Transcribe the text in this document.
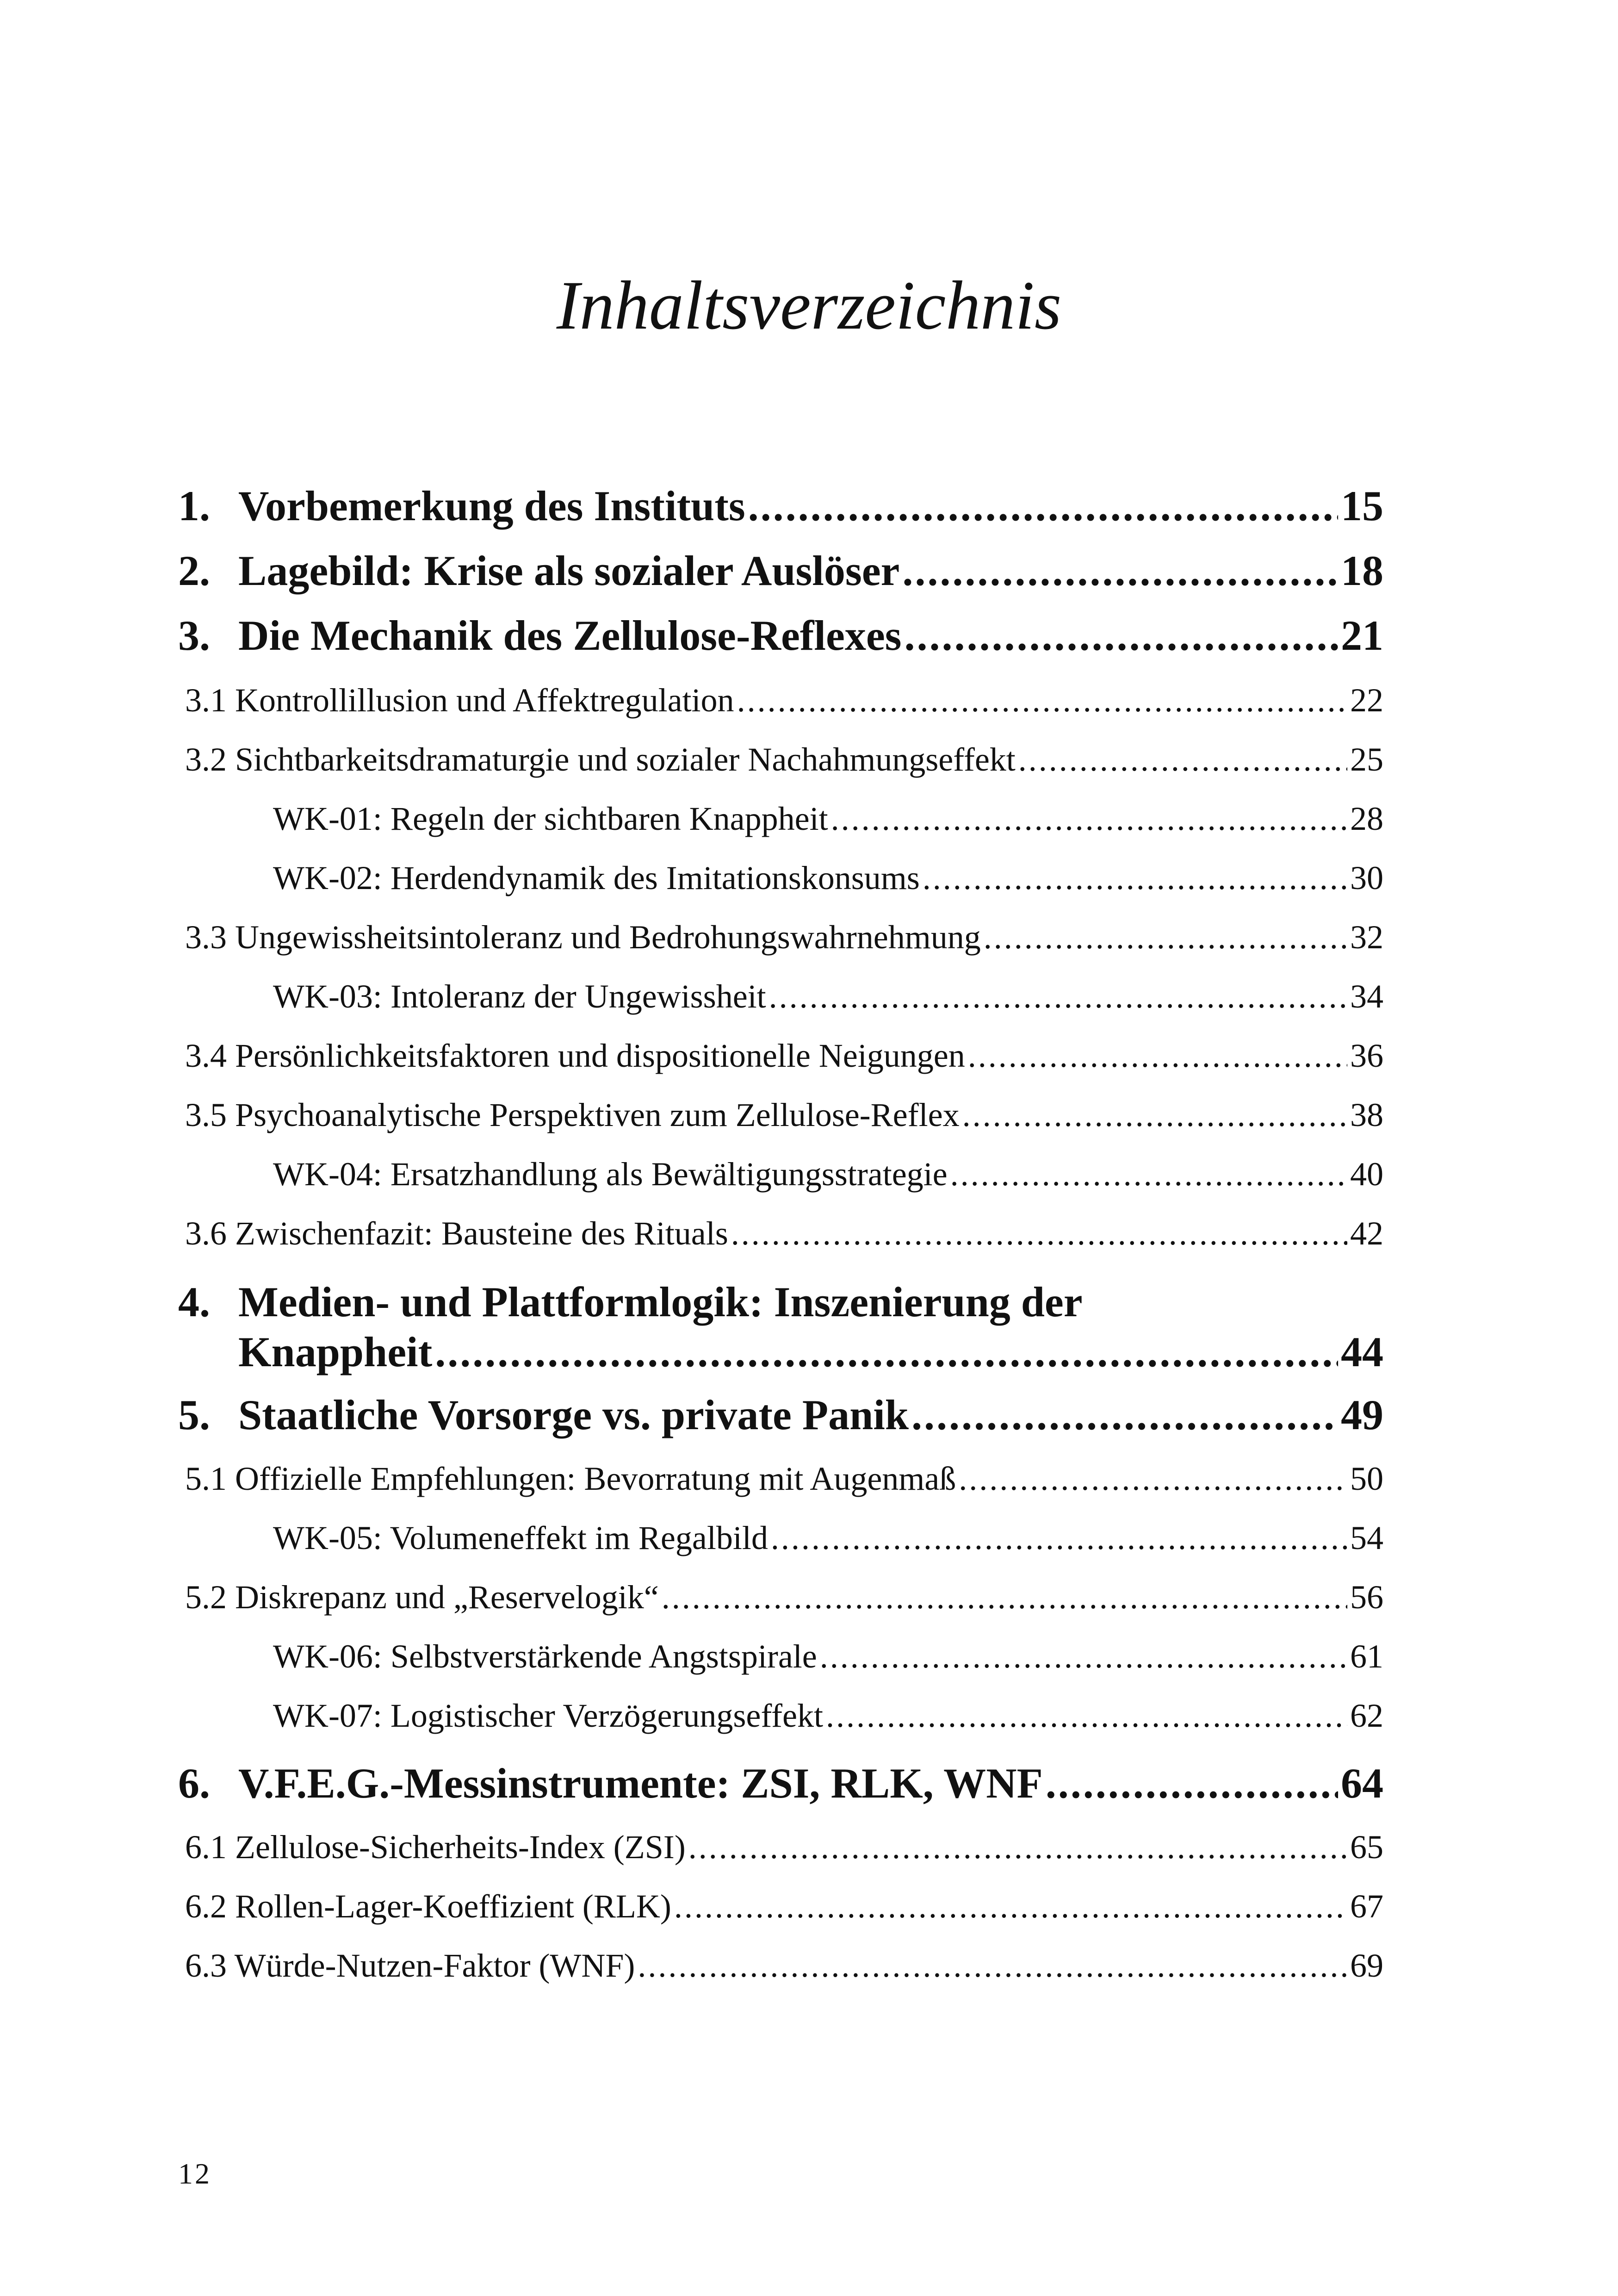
Inhaltsverzeichnis
1. Vorbemerkung des Instituts .....	15
2. Lagebild: Krise als sozialer Auslöser .....	18
3. Die Mechanik des Zellulose-Reflexes .....	21
3.1 Kontrollillusion und Affektregulation .....	22
3.2 Sichtbarkeitsdramaturgie und sozialer Nachahmungseffekt .....	25
WK-01: Regeln der sichtbaren Knappheit .....	28
WK-02: Herdendynamik des Imitationskonsums .....	30
3.3 Ungewissheitsintoleranz und Bedrohungswahrnehmung .....	32
WK-03: Intoleranz der Ungewissheit .....	34
3.4 Persönlichkeitsfaktoren und dispositionelle Neigungen .....	36
3.5 Psychoanalytische Perspektiven zum Zellulose-Reflex .....	38
WK-04: Ersatzhandlung als Bewältigungsstrategie .....	40
3.6 Zwischenfazit: Bausteine des Rituals .....	42
4. Medien- und Plattformlogik: Inszenierung der
Knappheit .....	44
5. Staatliche Vorsorge vs. private Panik .....	49
5.1 Offizielle Empfehlungen: Bevorratung mit Augenmaß .....	50
WK-05: Volumeneffekt im Regalbild .....	54
5.2 Diskrepanz und „Reservelogik“ .....	56
WK-06: Selbstverstärkende Angstspirale .....	61
WK-07: Logistischer Verzögerungseffekt .....	62
6. V.F.E.G.-Messinstrumente: ZSI, RLK, WNF .....	64
6.1 Zellulose-Sicherheits-Index (ZSI) .....	65
6.2 Rollen-Lager-Koeffizient (RLK) .....	67
6.3 Würde-Nutzen-Faktor (WNF) .....	69
12
